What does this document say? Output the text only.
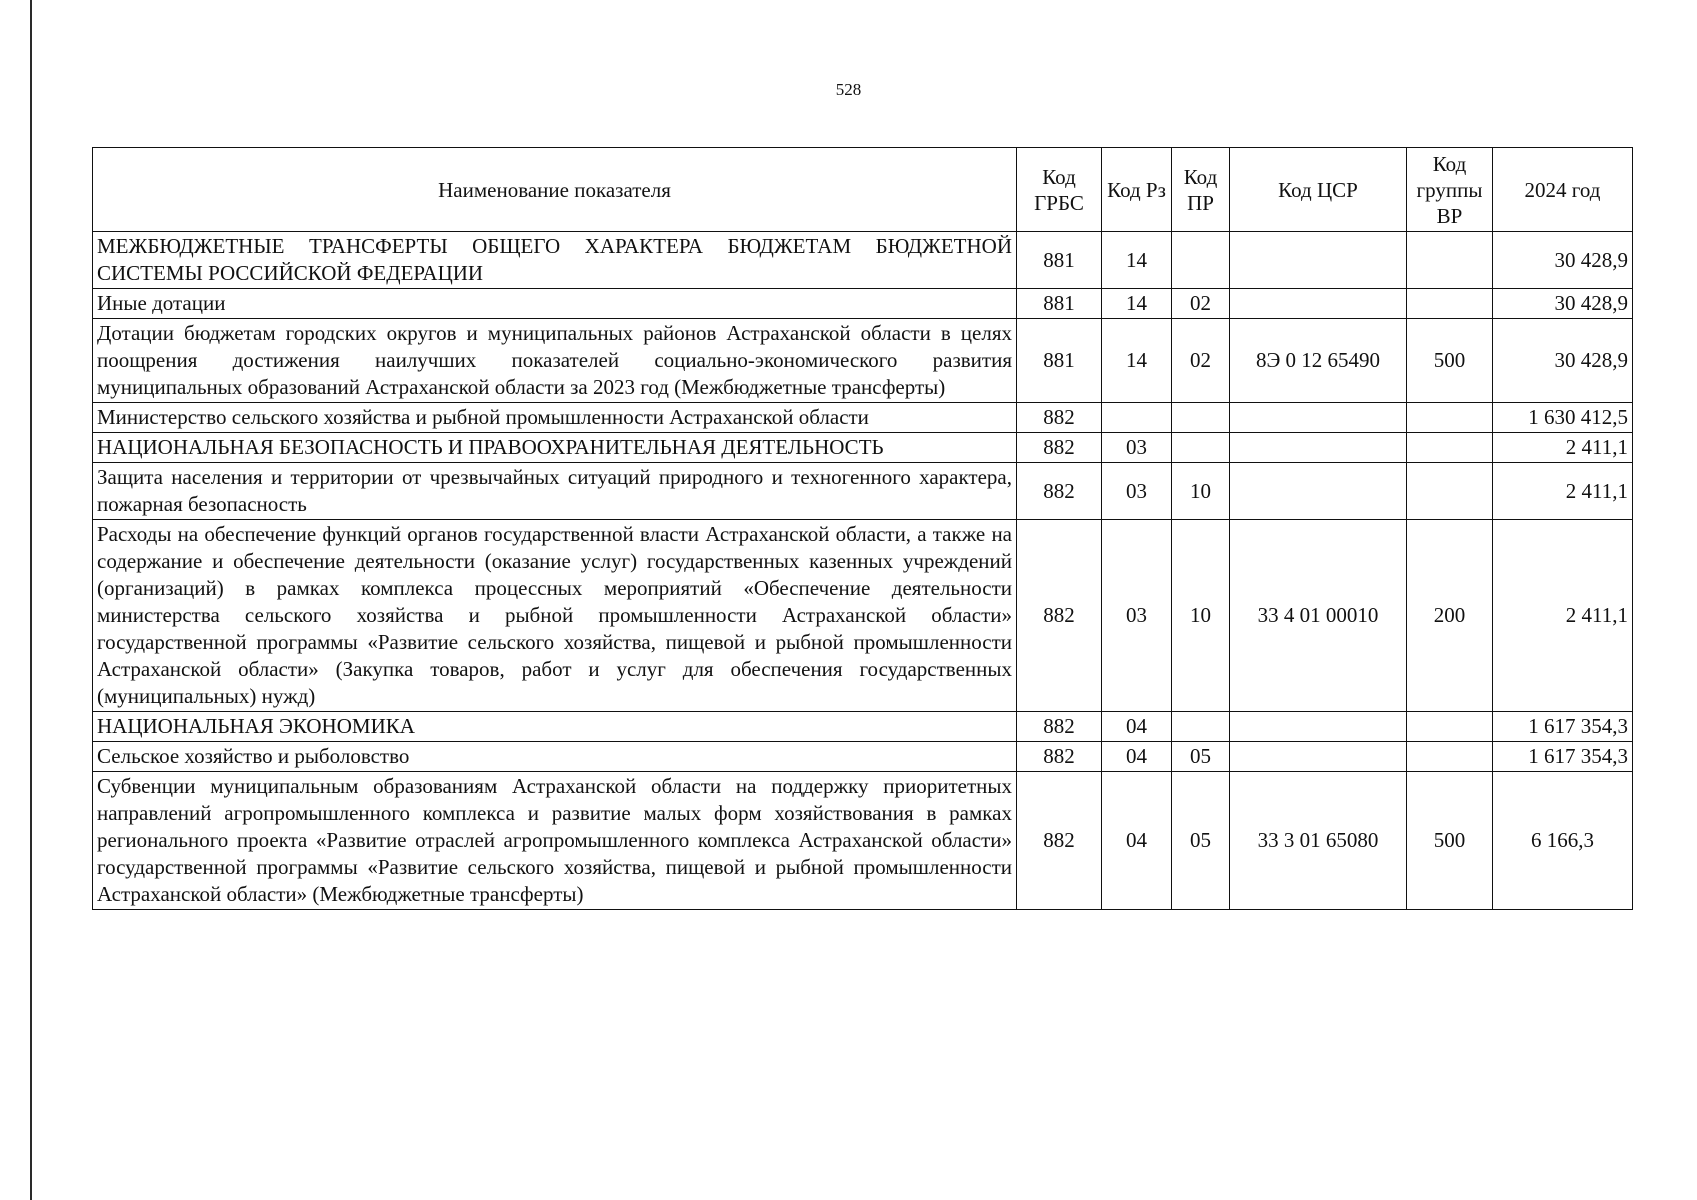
528
Наименование показателя	Код ГРБС	Код Рз	Код ПР	Код ЦСР	Код группы ВР	2024 год
МЕЖБЮДЖЕТНЫЕ ТРАНСФЕРТЫ ОБЩЕГО ХАРАКТЕРА БЮДЖЕТАМ БЮДЖЕТНОЙ СИСТЕМЫ РОССИЙСКОЙ ФЕДЕРАЦИИ	881	14				30 428,9
Иные дотации	881	14	02			30 428,9
Дотации бюджетам городских округов и муниципальных районов Астраханской области в целях поощрения достижения наилучших показателей социально-экономического развития муниципальных образований Астраханской области за 2023 год (Межбюджетные трансферты)	881	14	02	8Э 0 12 65490	500	30 428,9
Министерство сельского хозяйства и рыбной промышленности Астраханской области	882					1 630 412,5
НАЦИОНАЛЬНАЯ БЕЗОПАСНОСТЬ И ПРАВООХРАНИТЕЛЬНАЯ ДЕЯТЕЛЬНОСТЬ	882	03				2 411,1
Защита населения и территории от чрезвычайных ситуаций природного и техногенного характера, пожарная безопасность	882	03	10			2 411,1
Расходы на обеспечение функций органов государственной власти Астраханской области, а также на содержание и обеспечение деятельности (оказание услуг) государственных казенных учреждений (организаций) в рамках комплекса процессных мероприятий «Обеспечение деятельности министерства сельского хозяйства и рыбной промышленности Астраханской области» государственной программы «Развитие сельского хозяйства, пищевой и рыбной промышленности Астраханской области» (Закупка товаров, работ и услуг для обеспечения государственных (муниципальных) нужд)	882	03	10	33 4 01 00010	200	2 411,1
НАЦИОНАЛЬНАЯ ЭКОНОМИКА	882	04				1 617 354,3
Сельское хозяйство и рыболовство	882	04	05			1 617 354,3
Субвенции муниципальным образованиям Астраханской области на поддержку приоритетных направлений агропромышленного комплекса и развитие малых форм хозяйствования в рамках регионального проекта «Развитие отраслей агропромышленного комплекса Астраханской области» государственной программы «Развитие сельского хозяйства, пищевой и рыбной промышленности Астраханской области» (Межбюджетные трансферты)	882	04	05	33 3 01 65080	500	6 166,3
